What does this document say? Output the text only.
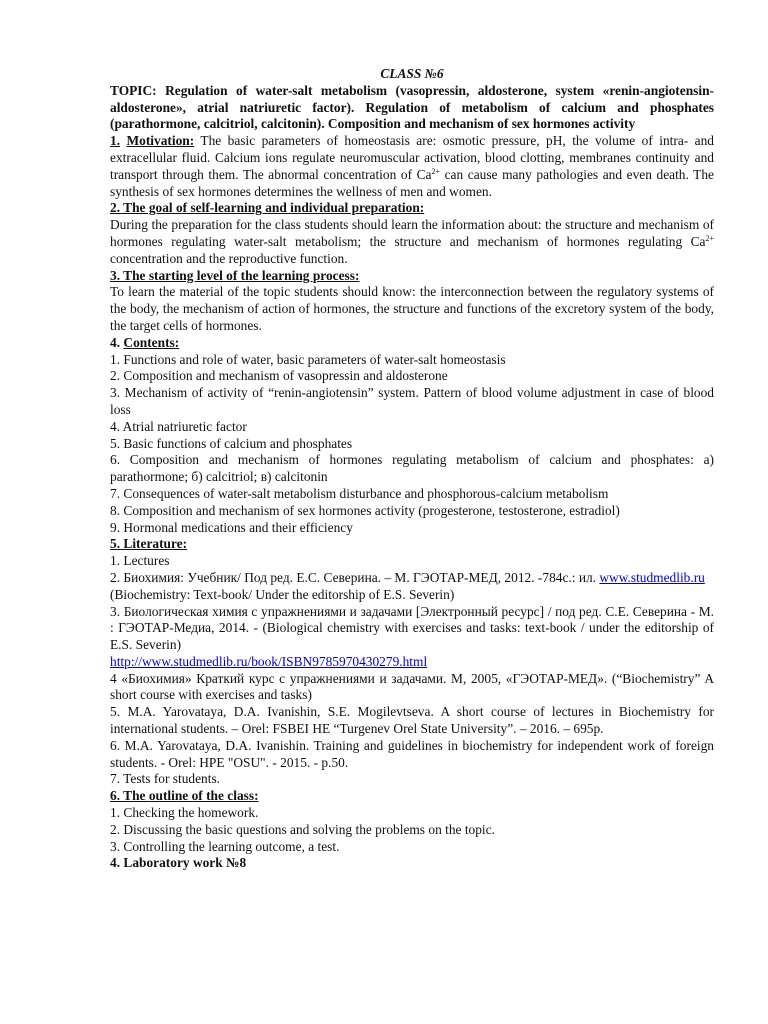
CLASS №6

TOPIC: Regulation of water-salt metabolism (vasopressin, aldosterone, system «renin-angiotensin-aldosterone», atrial natriuretic factor). Regulation of metabolism of calcium and phosphates (parathormone, calcitriol, calcitonin). Composition and mechanism of sex hormones activity

1. Motivation: The basic parameters of homeostasis are: osmotic pressure, pH, the volume of intra- and extracellular fluid. Calcium ions regulate neuromuscular activation, blood clotting, membranes continuity and transport through them. The abnormal concentration of $Ca^{2+}$ can cause many pathologies and even death. The synthesis of sex hormones determines the wellness of men and women.

2. The goal of self-learning and individual preparation:

During the preparation for the class students should learn the information about: the structure and mechanism of hormones regulating water-salt metabolism; the structure and mechanism of hormones regulating $Ca^{2+}$ concentration and the reproductive function.

3. The starting level of the learning process:

To learn the material of the topic students should know: the interconnection between the regulatory systems of the body, the mechanism of action of hormones, the structure and functions of the excretory system of the body, the target cells of hormones.

4. Contents:

1. Functions and role of water, basic parameters of water-salt homeostasis

2. Composition and mechanism of vasopressin and aldosterone

3. Mechanism of activity of “renin-angiotensin” system. Pattern of blood volume adjustment in case of blood loss

4. Atrial natriuretic factor

5. Basic functions of calcium and phosphates

6. Composition and mechanism of hormones regulating metabolism of calcium and phosphates: а) parathormone; б) calcitriol; в) calcitonin

7. Consequences of water-salt metabolism disturbance and phosphorous-calcium metabolism

8. Composition and mechanism of sex hormones activity (progesterone, testosterone, estradiol)

9. Hormonal medications and their efficiency

5. Literature:

1. Lectures

2. Биохимия: Учебник/ Под ред. Е.С. Северина. – М. ГЭОТАР-МЕД, 2012. -784с.: ил. www.studmedlib.ru (Biochemistry: Text-book/ Under the editorship of E.S. Severin)

3. Биологическая химия с упражнениями и задачами [Электронный ресурс] / под ред. С.Е. Северина - М. : ГЭОТАР-Медиа, 2014. - (Biological chemistry with exercises and tasks: text-book / under the editorship of E.S. Severin)

http://www.studmedlib.ru/book/ISBN9785970430279.html

4 «Биохимия» Краткий курс с упражнениями и задачами. М, 2005, «ГЭОТАР-МЕД». (“Biochemistry” A short course with exercises and tasks)

5. M.A. Yarovataya, D.A. Ivanishin, S.E. Mogilevtseva. A short course of lectures in Biochemistry for international students. – Orel: FSBEI HE “Turgenev Orel State University”. – 2016. – 695p.

6. M.A. Yarovataya, D.A. Ivanishin. Training and guidelines in biochemistry for independent work of foreign students. - Orel: HPE "OSU". - 2015. - p.50.

7. Tests for students.

6. The outline of the class:

1. Checking the homework.

2. Discussing the basic questions and solving the problems on the topic.

3. Controlling the learning outcome, a test.

4. Laboratory work №8
